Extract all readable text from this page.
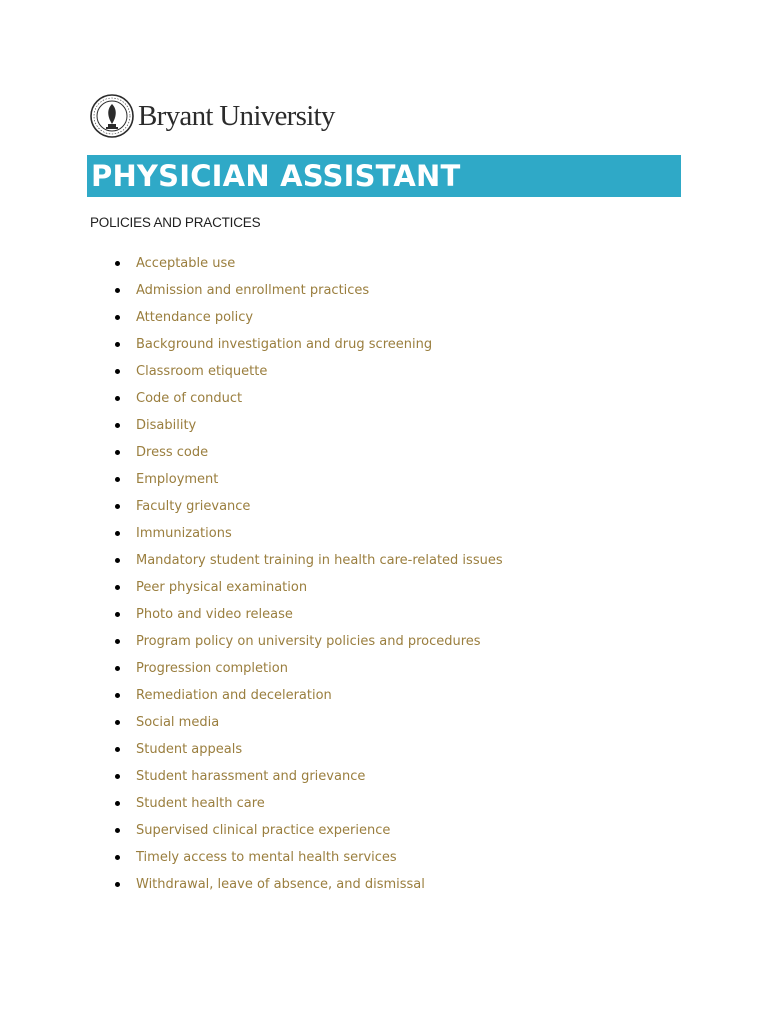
Bryant University
PHYSICIAN ASSISTANT
POLICIES AND PRACTICES
Acceptable use
Admission and enrollment practices
Attendance policy
Background investigation and drug screening
Classroom etiquette
Code of conduct
Disability
Dress code
Employment
Faculty grievance
Immunizations
Mandatory student training in health care-related issues
Peer physical examination
Photo and video release
Program policy on university policies and procedures
Progression completion
Remediation and deceleration
Social media
Student appeals
Student harassment and grievance
Student health care
Supervised clinical practice experience
Timely access to mental health services
Withdrawal, leave of absence, and dismissal
